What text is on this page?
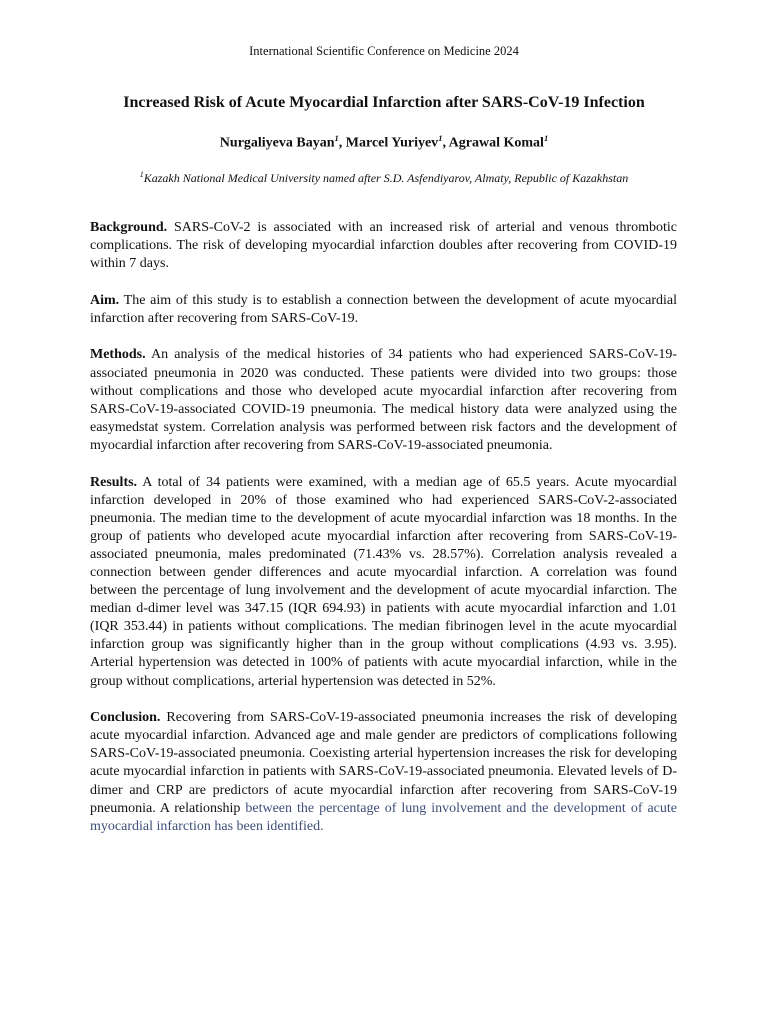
International Scientific Conference on Medicine 2024
Increased Risk of Acute Myocardial Infarction after SARS-CoV-19 Infection
Nurgaliyeva Bayan$^1$, Marcel Yuriyev$^1$, Agrawal Komal$^1$
$^1$Kazakh National Medical University named after S.D. Asfendiyarov, Almaty, Republic of Kazakhstan

Background. SARS-CoV-2 is associated with an increased risk of arterial and venous thrombotic complications. The risk of developing myocardial infarction doubles after recovering from COVID-19 within 7 days.

Aim. The aim of this study is to establish a connection between the development of acute myocardial infarction after recovering from SARS-CoV-19.

Methods. An analysis of the medical histories of 34 patients who had experienced SARS-CoV-19-associated pneumonia in 2020 was conducted. These patients were divided into two groups: those without complications and those who developed acute myocardial infarction after recovering from SARS-CoV-19-associated COVID-19 pneumonia. The medical history data were analyzed using the easymedstat system. Correlation analysis was performed between risk factors and the development of myocardial infarction after recovering from SARS-CoV-19-associated pneumonia.

Results. A total of 34 patients were examined, with a median age of 65.5 years. Acute myocardial infarction developed in 20% of those examined who had experienced SARS-CoV-2-associated pneumonia. The median time to the development of acute myocardial infarction was 18 months. In the group of patients who developed acute myocardial infarction after recovering from SARS-CoV-19-associated pneumonia, males predominated (71.43% vs. 28.57%). Correlation analysis revealed a connection between gender differences and acute myocardial infarction. A correlation was found between the percentage of lung involvement and the development of acute myocardial infarction. The median d-dimer level was 347.15 (IQR 694.93) in patients with acute myocardial infarction and 1.01 (IQR 353.44) in patients without complications. The median fibrinogen level in the acute myocardial infarction group was significantly higher than in the group without complications (4.93 vs. 3.95). Arterial hypertension was detected in 100% of patients with acute myocardial infarction, while in the group without complications, arterial hypertension was detected in 52%.

Conclusion. Recovering from SARS-CoV-19-associated pneumonia increases the risk of developing acute myocardial infarction. Advanced age and male gender are predictors of complications following SARS-CoV-19-associated pneumonia. Coexisting arterial hypertension increases the risk for developing acute myocardial infarction in patients with SARS-CoV-19-associated pneumonia. Elevated levels of D-dimer and CRP are predictors of acute myocardial infarction after recovering from SARS-CoV-19 pneumonia. A relationship between the percentage of lung involvement and the development of acute myocardial infarction has been identified.
